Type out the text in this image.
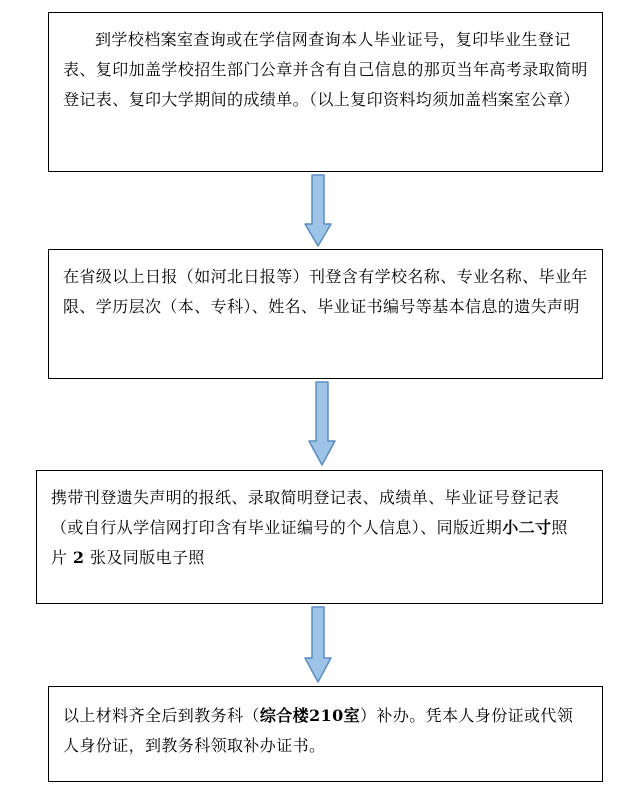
到学校档案室查询或在学信网查询本人毕业证号，复印毕业生登记表、复印加盖学校招生部门公章并含有自己信息的那页当年高考录取简明登记表、复印大学期间的成绩单。（以上复印资料均须加盖档案室公章）
在省级以上日报（如河北日报等）刊登含有学校名称、专业名称、毕业年限、学历层次（本、专科）、姓名、毕业证书编号等基本信息的遗失声明
携带刊登遗失声明的报纸、录取简明登记表、成绩单、毕业证号登记表（或自行从学信网打印含有毕业证编号的个人信息）、同版近期小二寸照片 2 张及同版电子照
以上材料齐全后到教务科（综合楼210室）补办。凭本人身份证或代领人身份证，到教务科领取补办证书。
